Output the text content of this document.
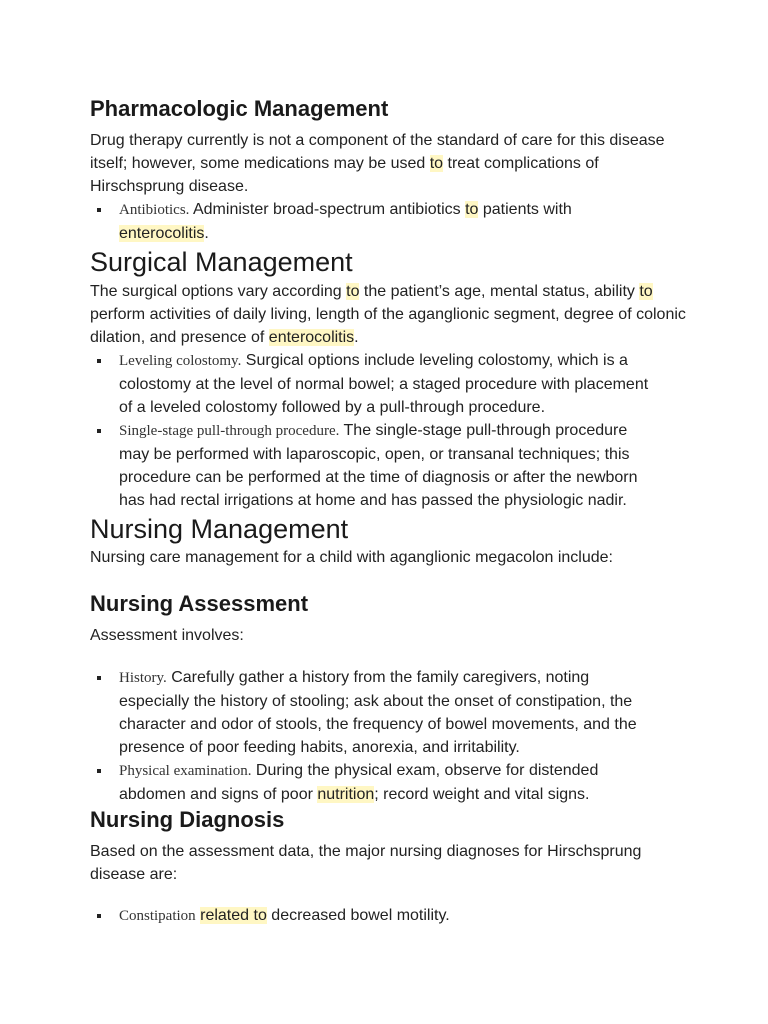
Pharmacologic Management

Drug therapy currently is not a component of the standard of care for this disease itself; however, some medications may be used to treat complications of Hirschsprung disease.

Antibiotics. Administer broad-spectrum antibiotics to patients with enterocolitis.
Surgical Management

The surgical options vary according to the patient’s age, mental status, ability to perform activities of daily living, length of the aganglionic segment, degree of colonic dilation, and presence of enterocolitis.

Leveling colostomy. Surgical options include leveling colostomy, which is a colostomy at the level of normal bowel; a staged procedure with placement of a leveled colostomy followed by a pull-through procedure.
Single-stage pull-through procedure. The single-stage pull-through procedure may be performed with laparoscopic, open, or transanal techniques; this procedure can be performed at the time of diagnosis or after the newborn has had rectal irrigations at home and has passed the physiologic nadir.
Nursing Management

Nursing care management for a child with aganglionic megacolon include:

Nursing Assessment

Assessment involves:

History. Carefully gather a history from the family caregivers, noting especially the history of stooling; ask about the onset of constipation, the character and odor of stools, the frequency of bowel movements, and the presence of poor feeding habits, anorexia, and irritability.
Physical examination. During the physical exam, observe for distended abdomen and signs of poor nutrition; record weight and vital signs.
Nursing Diagnosis

Based on the assessment data, the major nursing diagnoses for Hirschsprung disease are:

Constipation related to decreased bowel motility.
